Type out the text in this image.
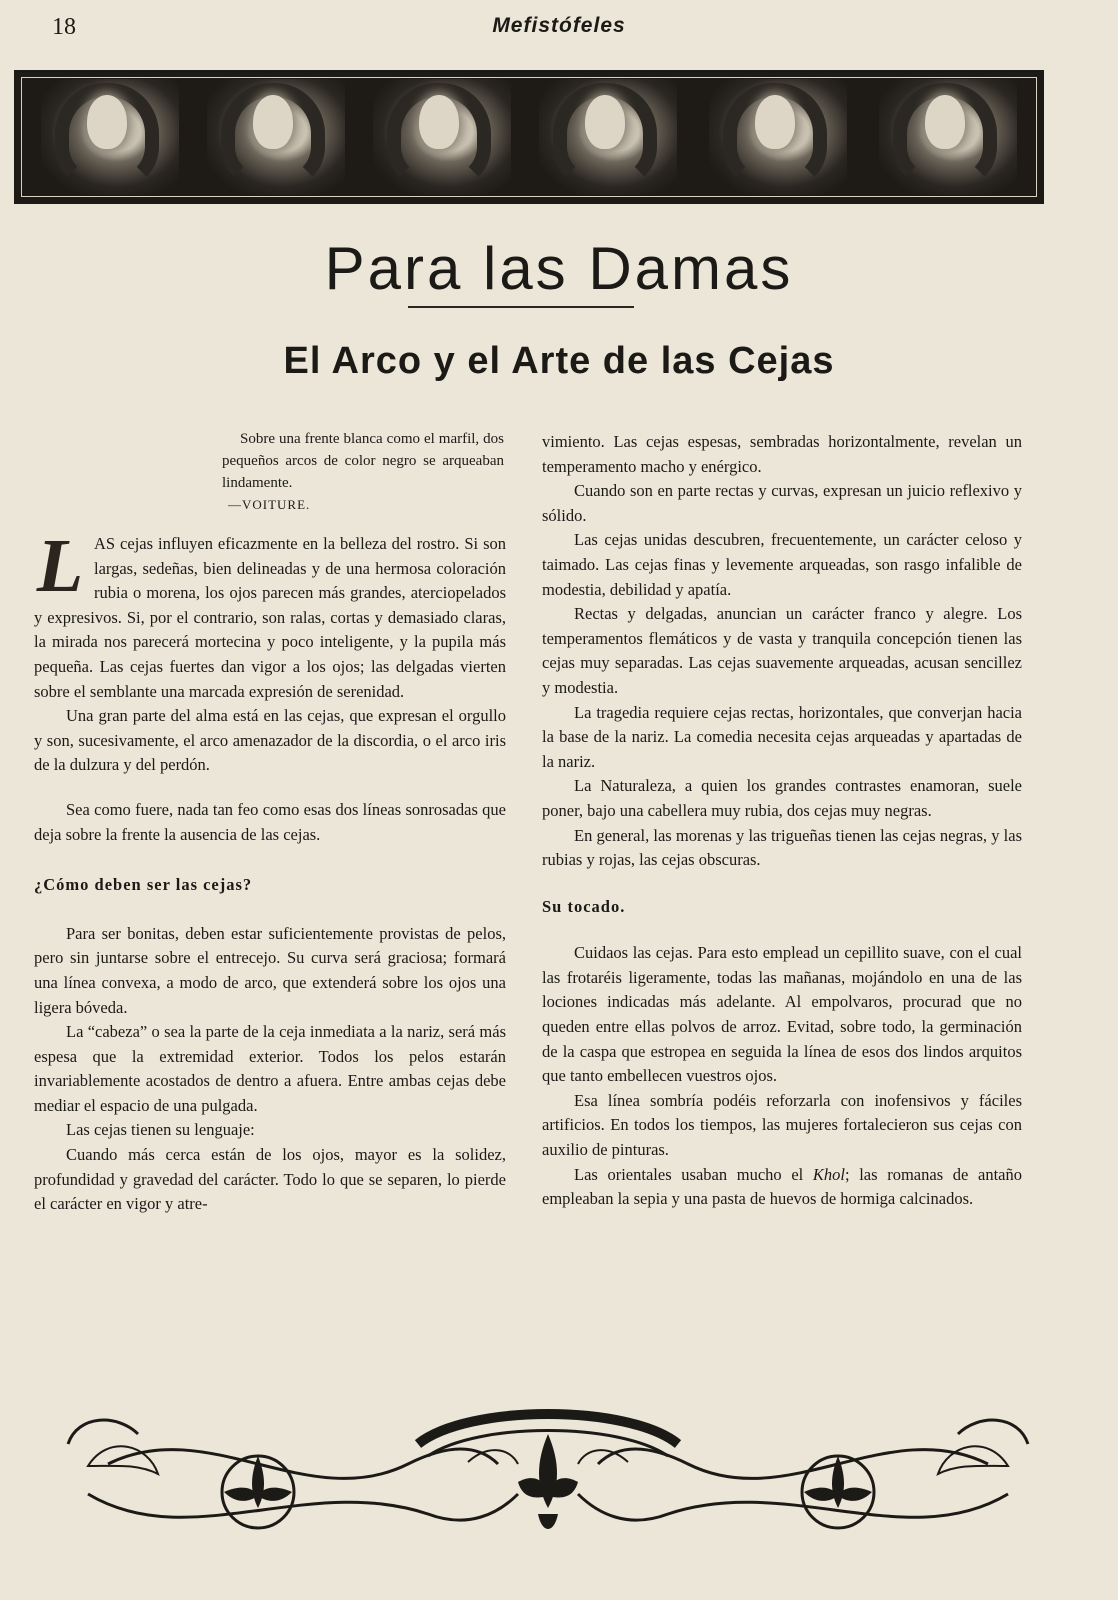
18	Mefistófeles
Para las Damas
El Arco y el Arte de las Cejas

Sobre una frente blanca como el marfil, dos pequeños arcos de color negro se arqueaban lindamente.

—VOITURE.

LAS cejas influyen eficazmente en la belleza del rostro. Si son largas, sedeñas, bien delineadas y de una hermosa coloración rubia o morena, los ojos parecen más grandes, aterciopelados y expresivos. Si, por el contrario, son ralas, cortas y demasiado claras, la mirada nos parecerá mortecina y poco inteligente, y la pupila más pequeña. Las cejas fuertes dan vigor a los ojos; las delgadas vierten sobre el semblante una marcada expresión de serenidad.

Una gran parte del alma está en las cejas, que expresan el orgullo y son, sucesivamente, el arco amenazador de la discordia, o el arco iris de la dulzura y del perdón.

Sea como fuere, nada tan feo como esas dos líneas sonrosadas que deja sobre la frente la ausencia de las cejas.

¿Cómo deben ser las cejas?

Para ser bonitas, deben estar suficientemente provistas de pelos, pero sin juntarse sobre el entrecejo. Su curva será graciosa; formará una línea convexa, a modo de arco, que extenderá sobre los ojos una ligera bóveda.

La “cabeza” o sea la parte de la ceja inmediata a la nariz, será más espesa que la extremidad exterior. Todos los pelos estarán invariablemente acostados de dentro a afuera. Entre ambas cejas debe mediar el espacio de una pulgada.

Las cejas tienen su lenguaje:

Cuando más cerca están de los ojos, mayor es la solidez, profundidad y gravedad del carácter. Todo lo que se separen, lo pierde el carácter en vigor y atre-

vimiento. Las cejas espesas, sembradas horizontalmente, revelan un temperamento macho y enérgico.

Cuando son en parte rectas y curvas, expresan un juicio reflexivo y sólido.

Las cejas unidas descubren, frecuentemente, un carácter celoso y taimado. Las cejas finas y levemente arqueadas, son rasgo infalible de modestia, debilidad y apatía.

Rectas y delgadas, anuncian un carácter franco y alegre. Los temperamentos flemáticos y de vasta y tranquila concepción tienen las cejas muy separadas. Las cejas suavemente arqueadas, acusan sencillez y modestia.

La tragedia requiere cejas rectas, horizontales, que converjan hacia la base de la nariz. La comedia necesita cejas arqueadas y apartadas de la nariz.

La Naturaleza, a quien los grandes contrastes enamoran, suele poner, bajo una cabellera muy rubia, dos cejas muy negras.

En general, las morenas y las trigueñas tienen las cejas negras, y las rubias y rojas, las cejas obscuras.

Su tocado.

Cuidaos las cejas. Para esto emplead un cepillito suave, con el cual las frotaréis ligeramente, todas las mañanas, mojándolo en una de las lociones indicadas más adelante. Al empolvaros, procurad que no queden entre ellas polvos de arroz. Evitad, sobre todo, la germinación de la caspa que estropea en seguida la línea de esos dos lindos arquitos que tanto embellecen vuestros ojos.

Esa línea sombría podéis reforzarla con inofensivos y fáciles artificios. En todos los tiempos, las mujeres fortalecieron sus cejas con auxilio de pinturas.

Las orientales usaban mucho el Khol; las romanas de antaño empleaban la sepia y una pasta de huevos de hormiga calcinados.
